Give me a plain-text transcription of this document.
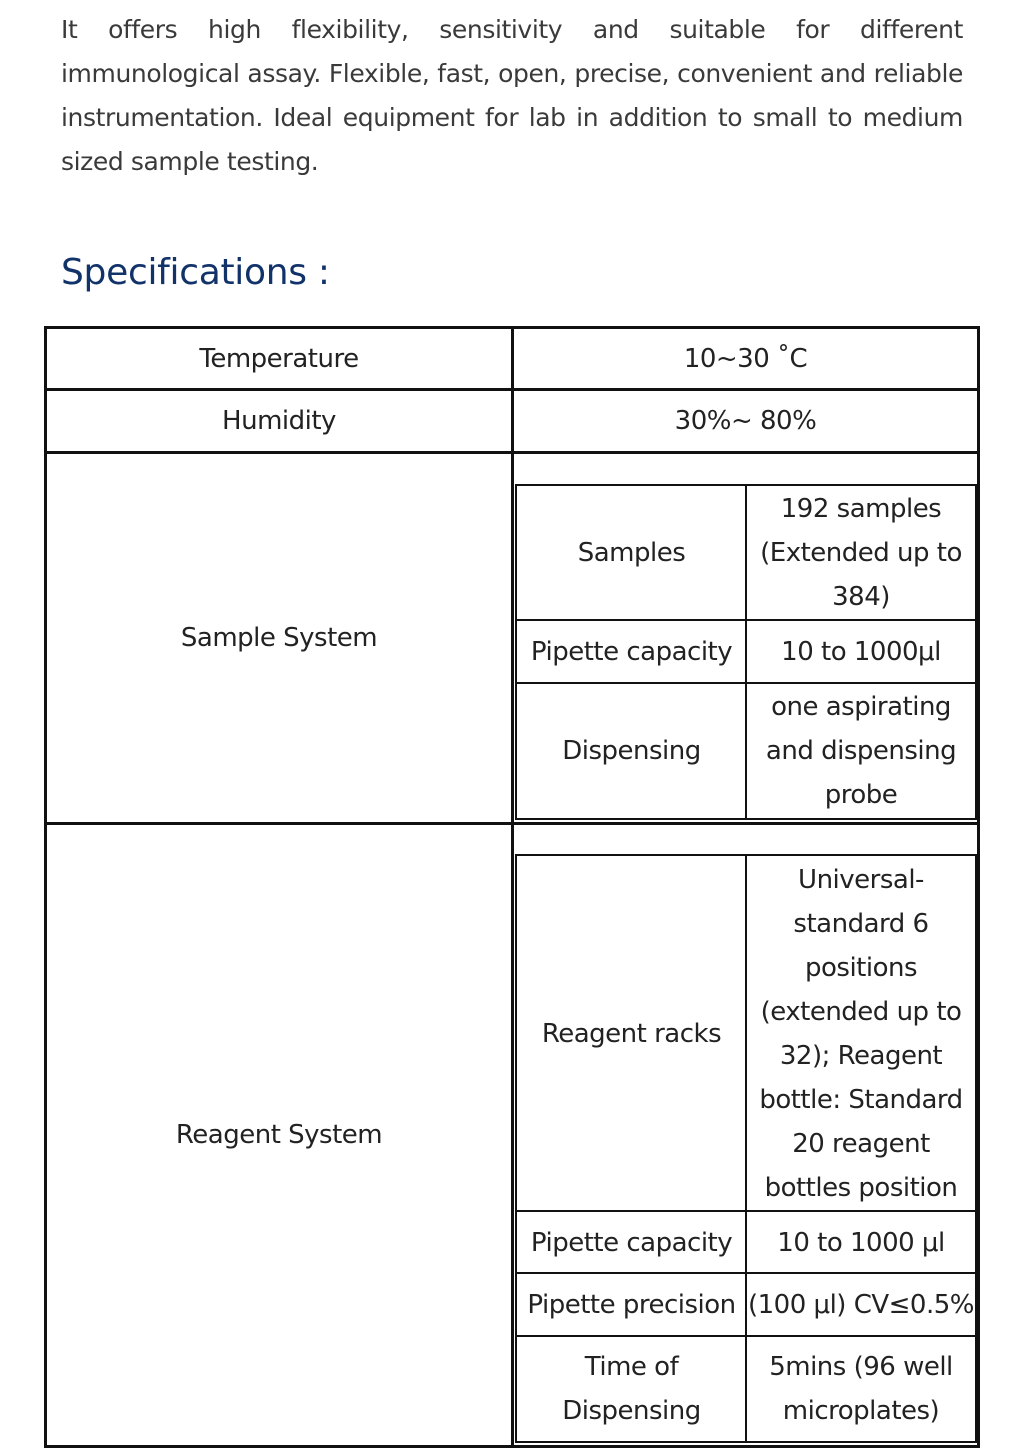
It offers high flexibility, sensitivity and suitable for different immunological assay. Flexible, fast, open, precise, convenient and reliable instrumentation. Ideal equipment for lab in addition to small to medium sized sample testing.

Specifications :
Temperature	10~30 ˚C
Humidity	30%~ 80%
Sample System
Samples
192 samples (Extended up to 384)
Pipette capacity 10 to 1000μl
Dispensing
one aspirating and dispensing probe
Reagent System
Reagent racks
Universal-standard 6 positions (extended up to 32); Reagent bottle: Standard 20 reagent bottles position
Pipette capacity 10 to 1000 μl
Pipette precision (100 μl) CV≤0.5%
Time of Dispensing
5mins (96 well microplates)
